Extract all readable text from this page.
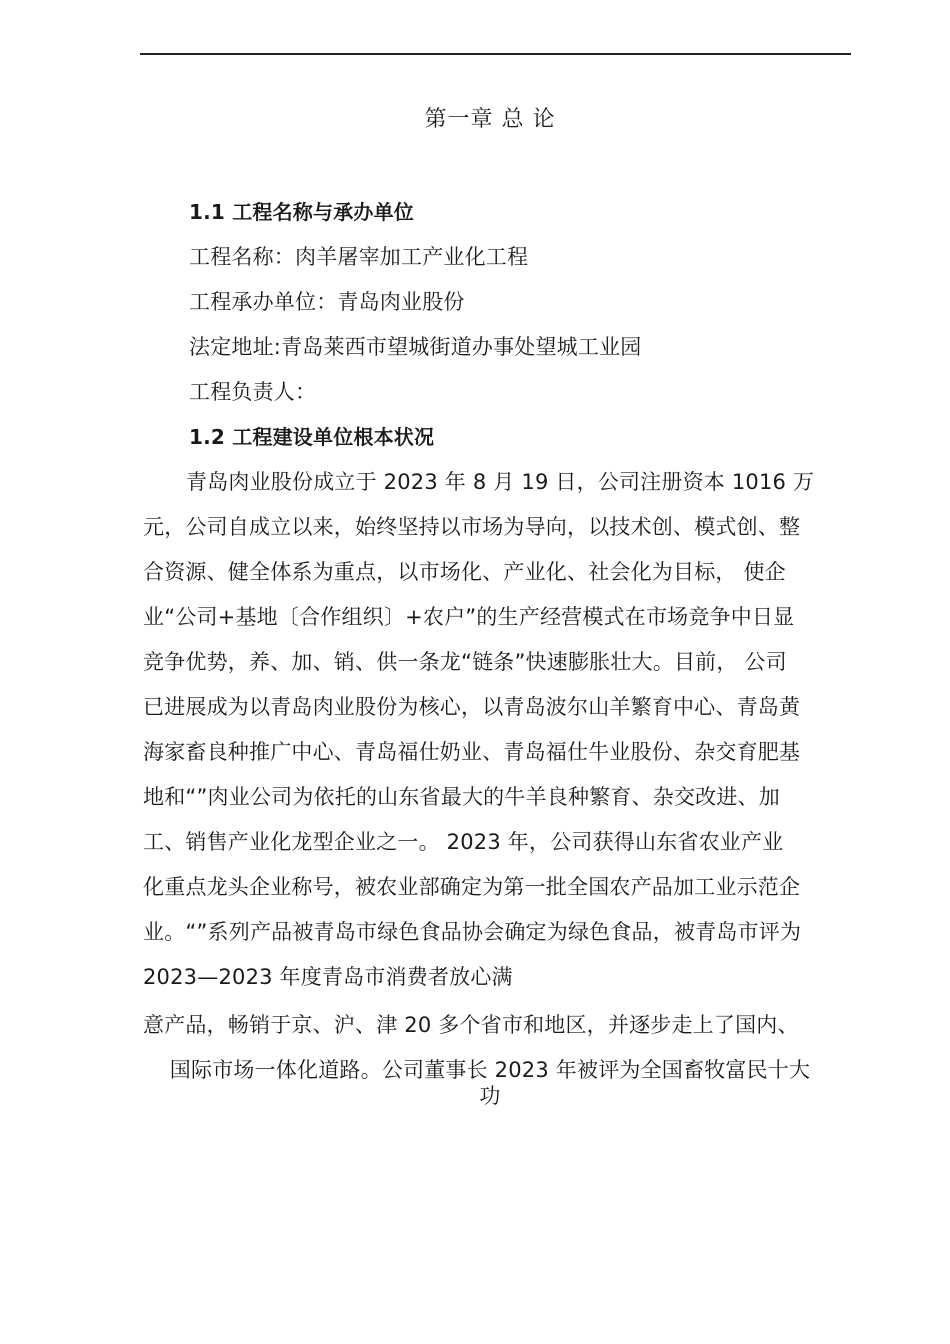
第一章 总 论
1.1 工程名称与承办单位
工程名称：肉羊屠宰加工产业化工程
工程承办单位：青岛肉业股份
法定地址:青岛莱西市望城街道办事处望城工业园
工程负责人：
1.2 工程建设单位根本状况
青岛肉业股份成立于 2023 年 8 月 19 日，公司注册资本 1016 万
元，公司自成立以来，始终坚持以市场为导向，以技术创、模式创、整
合资源、健全体系为重点，以市场化、产业化、社会化为目标， 使企
业“公司+基地〔合作组织〕+农户”的生产经营模式在市场竞争中日显
竞争优势，养、加、销、供一条龙“链条”快速膨胀壮大。目前， 公司
已进展成为以青岛肉业股份为核心，以青岛波尔山羊繁育中心、青岛黄
海家畜良种推广中心、青岛福仕奶业、青岛福仕牛业股份、杂交育肥基
地和“”肉业公司为依托的山东省最大的牛羊良种繁育、杂交改进、加
工、销售产业化龙型企业之一。 2023 年，公司获得山东省农业产业
化重点龙头企业称号，被农业部确定为第一批全国农产品加工业示范企
业。“”系列产品被青岛市绿色食品协会确定为绿色食品，被青岛市评为
2023—2023 年度青岛市消费者放心满
意产品，畅销于京、沪、津 20 多个省市和地区，并逐步走上了国内、
国际市场一体化道路。公司董事长 2023 年被评为全国畜牧富民十大
功
